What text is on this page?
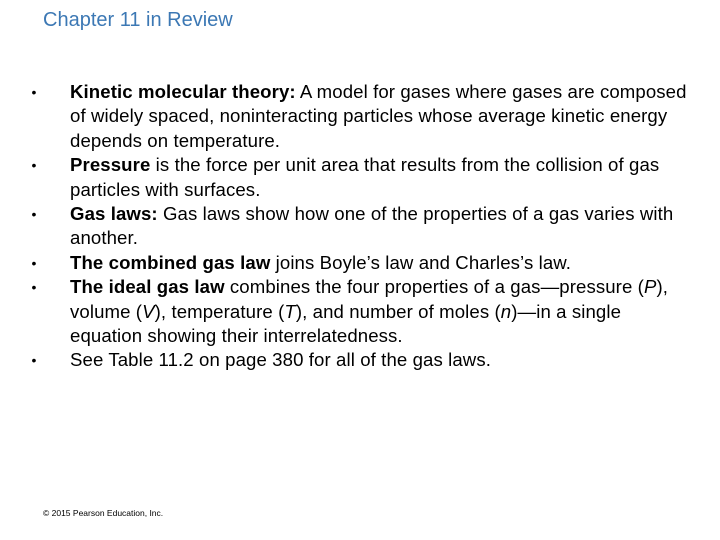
Chapter 11 in Review
• Kinetic molecular theory: A model for gases where gases are composed of widely spaced, noninteracting particles whose average kinetic energy depends on temperature.
• Pressure is the force per unit area that results from the collision of gas particles with surfaces.
• Gas laws: Gas laws show how one of the properties of a gas varies with another.
• The combined gas law joins Boyle’s law and Charles’s law.
• The ideal gas law combines the four properties of a gas—pressure (P), volume (V), temperature (T), and number of moles (n)—in a single equation showing their interrelatedness.
• See Table 11.2 on page 380 for all of the gas laws.
© 2015 Pearson Education, Inc.
